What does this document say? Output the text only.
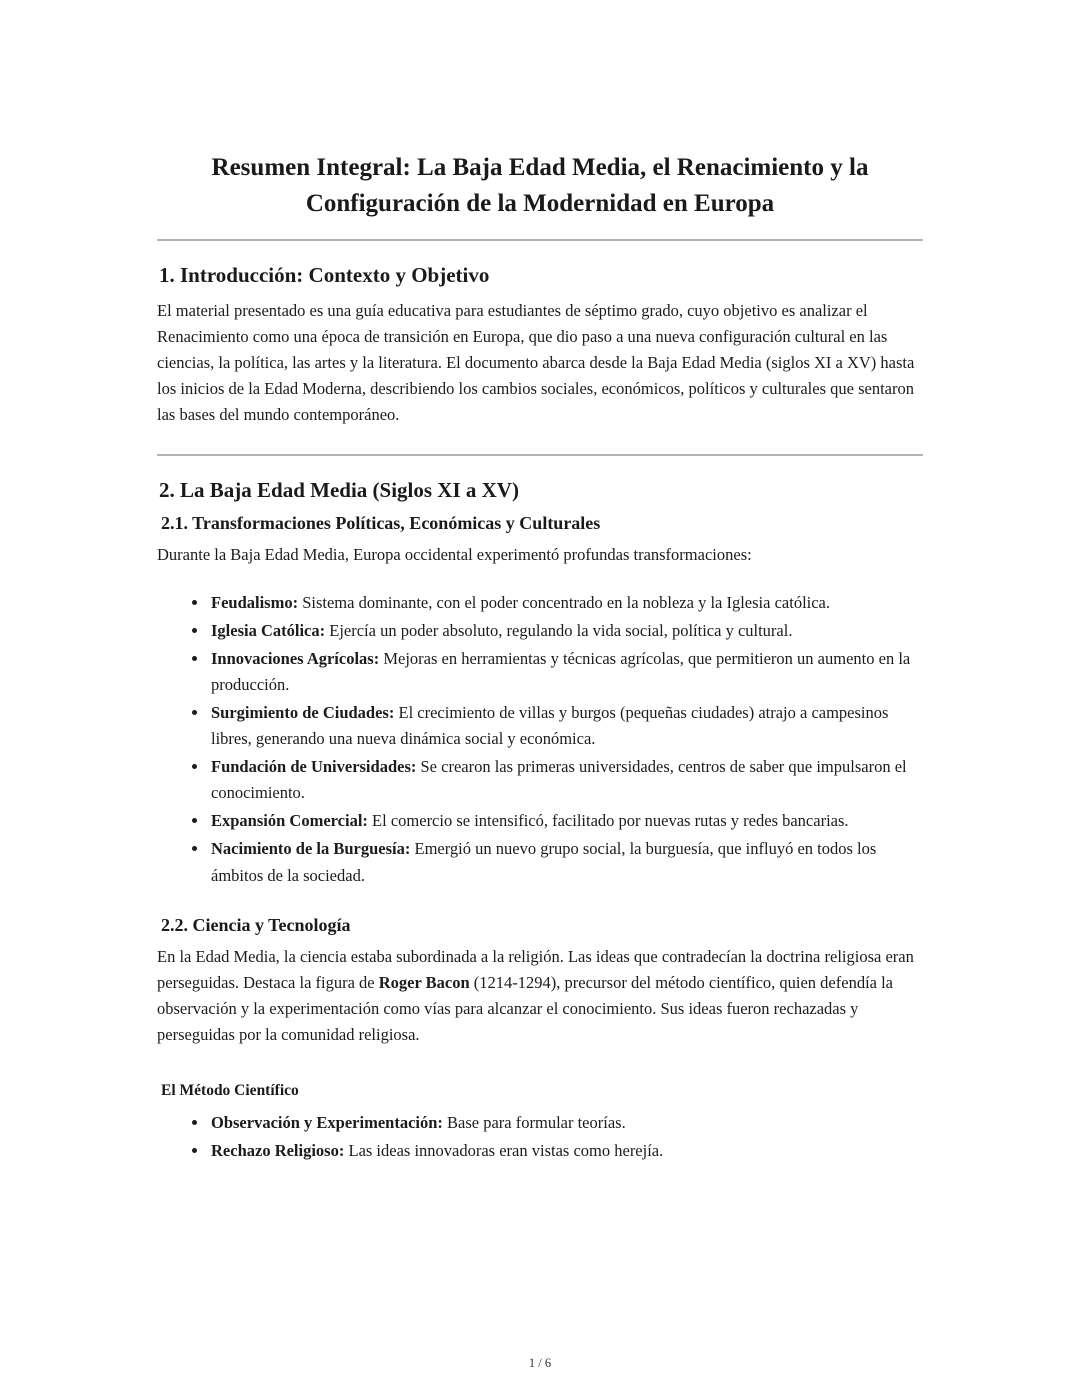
Resumen Integral: La Baja Edad Media, el Renacimiento y la Configuración de la Modernidad en Europa
1. Introducción: Contexto y Objetivo

El material presentado es una guía educativa para estudiantes de séptimo grado, cuyo objetivo es analizar el Renacimiento como una época de transición en Europa, que dio paso a una nueva configuración cultural en las ciencias, la política, las artes y la literatura. El documento abarca desde la Baja Edad Media (siglos XI a XV) hasta los inicios de la Edad Moderna, describiendo los cambios sociales, económicos, políticos y culturales que sentaron las bases del mundo contemporáneo.

2. La Baja Edad Media (Siglos XI a XV)
2.1. Transformaciones Políticas, Económicas y Culturales

Durante la Baja Edad Media, Europa occidental experimentó profundas transformaciones:

• Feudalismo: Sistema dominante, con el poder concentrado en la nobleza y la Iglesia católica.
• Iglesia Católica: Ejercía un poder absoluto, regulando la vida social, política y cultural.
• Innovaciones Agrícolas: Mejoras en herramientas y técnicas agrícolas, que permitieron un aumento en la producción.
• Surgimiento de Ciudades: El crecimiento de villas y burgos (pequeñas ciudades) atrajo a campesinos libres, generando una nueva dinámica social y económica.
• Fundación de Universidades: Se crearon las primeras universidades, centros de saber que impulsaron el conocimiento.
• Expansión Comercial: El comercio se intensificó, facilitado por nuevas rutas y redes bancarias.
• Nacimiento de la Burguesía: Emergió un nuevo grupo social, la burguesía, que influyó en todos los ámbitos de la sociedad.
2.2. Ciencia y Tecnología

En la Edad Media, la ciencia estaba subordinada a la religión. Las ideas que contradecían la doctrina religiosa eran perseguidas. Destaca la figura de Roger Bacon (1214-1294), precursor del método científico, quien defendía la observación y la experimentación como vías para alcanzar el conocimiento. Sus ideas fueron rechazadas y perseguidas por la comunidad religiosa.

El Método Científico
• Observación y Experimentación: Base para formular teorías.
• Rechazo Religioso: Las ideas innovadoras eran vistas como herejía.
1 / 6
